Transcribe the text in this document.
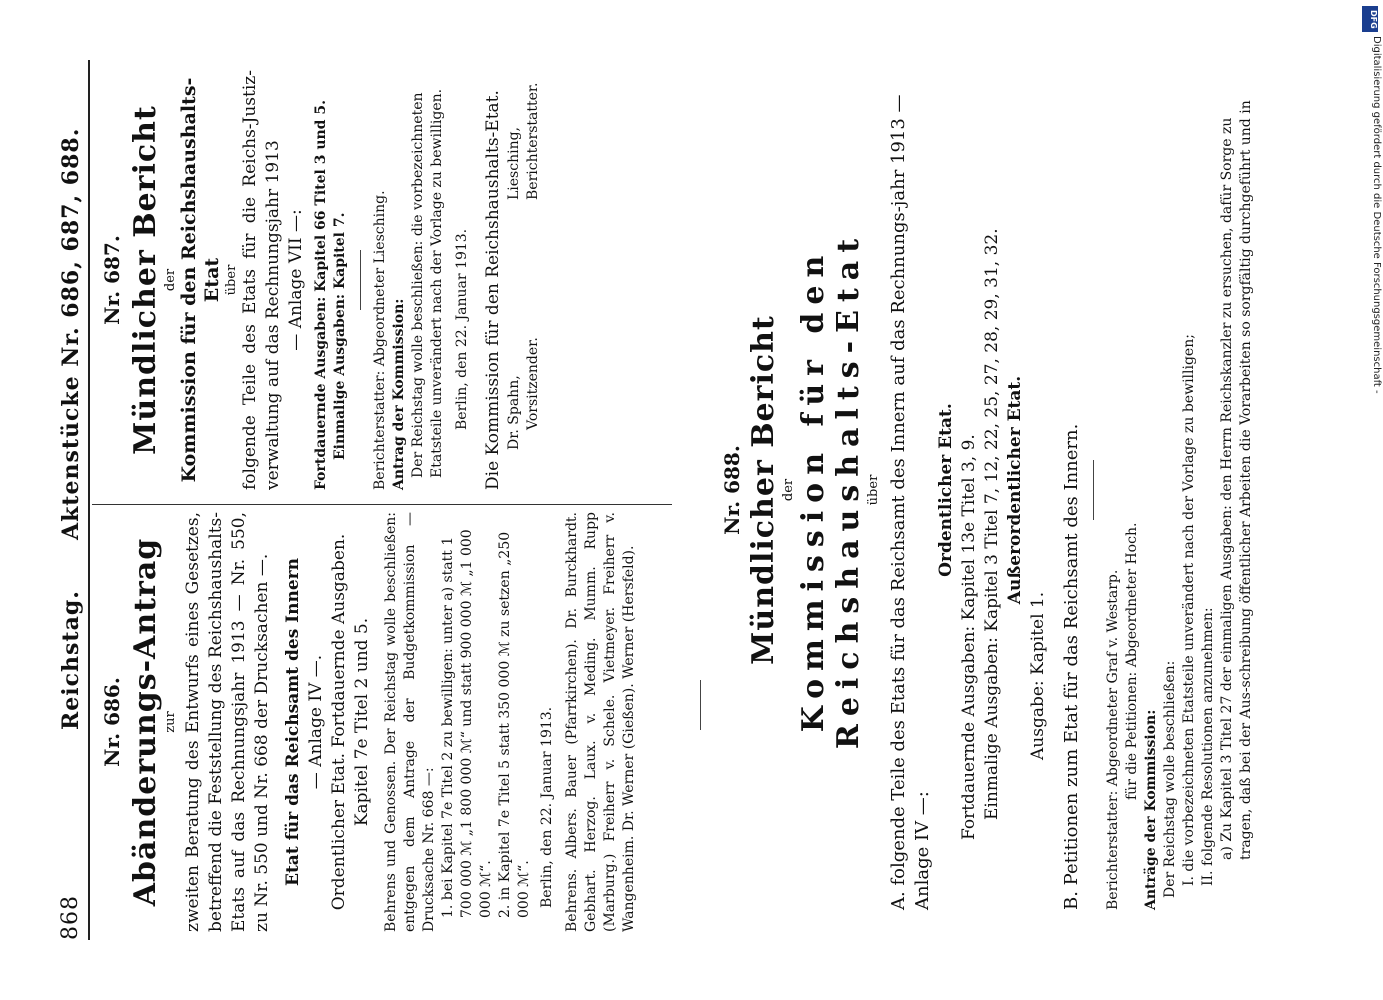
DFG
Digitalisierung gefördert durch die Deutsche Forschungsgemeinschaft -
868
Reichstag.
Aktenstücke Nr. 686, 687, 688.
Nr. 686. Abänderungs-Antrag zur zweiten Beratung des Entwurfs eines Gesetzes, betreffend die Feststellung des Reichshaushalts-Etats auf das Rechnungsjahr 1913 — Nr. 550, zu Nr. 550 und Nr. 668 der Drucksachen —. Etat für das Reichsamt des Innern — Anlage IV —. Ordentlicher Etat. Fortdauernde Ausgaben. Kapitel 7e Titel 2 und 5. Behrens und Genossen. Der Reichstag wolle beschließen: entgegen dem Antrage der Budgetkommission — Drucksache Nr. 668 —: 1. bei Kapitel 7e Titel 2 zu bewilligen: unter a) statt 1 700 000 ℳ „1 800 000 ℳ“ und statt 900 000 ℳ „1 000 000 ℳ“. 2. in Kapitel 7e Titel 5 statt 350 000 ℳ zu setzen „250 000 ℳ“. Berlin, den 22. Januar 1913. Behrens. Albers. Bauer (Pfarrkirchen). Dr. Burckhardt. Gebhart. Herzog. Laux. v. Meding. Mumm. Rupp (Marburg.) Freiherr v. Schele. Vietmeyer. Freiherr v. Wangenheim. Dr. Werner (Gießen). Werner (Hersfeld).
Nr. 687. Mündlicher Bericht der Kommission für den Reichshaushalts-Etat über folgende Teile des Etats für die Reichs-Justiz-verwaltung auf das Rechnungsjahr 1913 — Anlage VII —: Fortdauernde Ausgaben: Kapitel 66 Titel 3 und 5. Einmalige Ausgaben: Kapitel 7. Berichterstatter: Abgeordneter Liesching. Antrag der Kommission: Der Reichstag wolle beschließen: die vorbezeichneten Etatsteile unverändert nach der Vorlage zu bewilligen. Berlin, den 22. Januar 1913. Die Kommission für den Reichshaushalts-Etat. Dr. Spahn, Vorsitzender.
Liesching, Berichterstatter.
Nr. 688. Mündlicher Bericht der Kommission für den Reichshaushalts-Etat über A. folgende Teile des Etats für das Reichsamt des Innern auf das Rechnungs-jahr 1913 — Anlage IV —:
Ordentlicher Etat. Fortdauernde Ausgaben: Kapitel 13e Titel 3, 9. Einmalige Ausgaben: Kapitel 3 Titel 7, 12, 22, 25, 27, 28, 29, 31, 32. Außerordentlicher Etat.
Ausgabe: Kapitel 1. B. Petitionen zum Etat für das Reichsamt des Innern. Berichterstatter: Abgeordneter Graf v. Westarp. für die Petitionen: Abgeordneter Hoch.
Anträge der Kommission: Der Reichstag wolle beschließen: I. die vorbezeichneten Etatsteile unverändert nach der Vorlage zu bewilligen; II. folgende Resolutionen anzunehmen: a) Zu Kapitel 3 Titel 27 der einmaligen Ausgaben: den Herrn Reichskanzler zu ersuchen, dafür Sorge zu tragen, daß bei der Aus-schreibung öffentlicher Arbeiten die Vorarbeiten so sorgfältig durchgeführt und in
